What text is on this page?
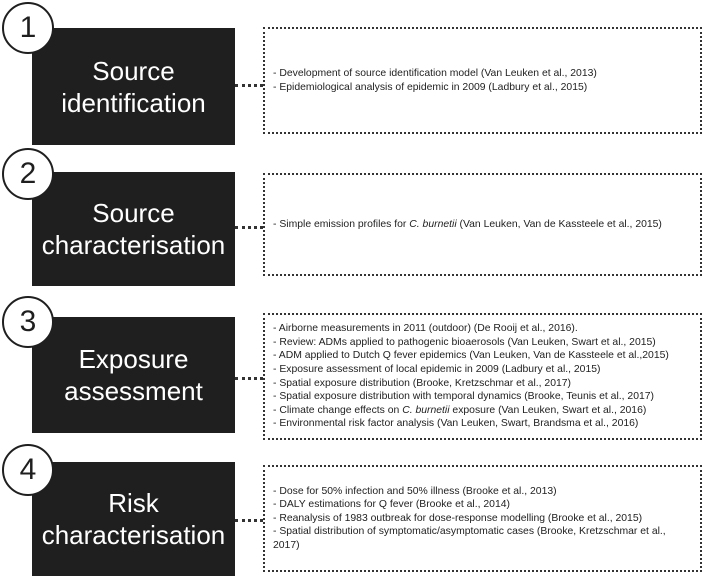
Source
identification
1
- Development of source identification model (Van Leuken et al., 2013)
- Epidemiological analysis of epidemic in 2009 (Ladbury et al., 2015)
Source
characterisation
2
- Simple emission profiles for C. burnetii (Van Leuken, Van de Kassteele et al., 2015)
Exposure
assessment
3	- Airborne measurements in 2011 (outdoor) (De Rooij et al., 2016).
- Review: ADMs applied to pathogenic bioaerosols (Van Leuken, Swart et al., 2015)
- ADM applied to Dutch Q fever epidemics (Van Leuken, Van de Kassteele et al.,2015)
- Exposure assessment of local epidemic in 2009 (Ladbury et al., 2015)
- Spatial exposure distribution (Brooke, Kretzschmar et al., 2017)
- Spatial exposure distribution with temporal dynamics (Brooke, Teunis et al., 2017)
- Climate change effects on C. burnetii exposure (Van Leuken, Swart et al., 2016)
- Environmental risk factor analysis (Van Leuken, Swart, Brandsma et al., 2016)
Risk
characterisation
4
- Dose for 50% infection and 50% illness (Brooke et al., 2013)
- DALY estimations for Q fever (Brooke et al., 2014)
- Reanalysis of 1983 outbreak for dose-response modelling (Brooke et al., 2015)
- Spatial distribution of symptomatic/asymptomatic cases (Brooke, Kretzschmar et al., 2017)
